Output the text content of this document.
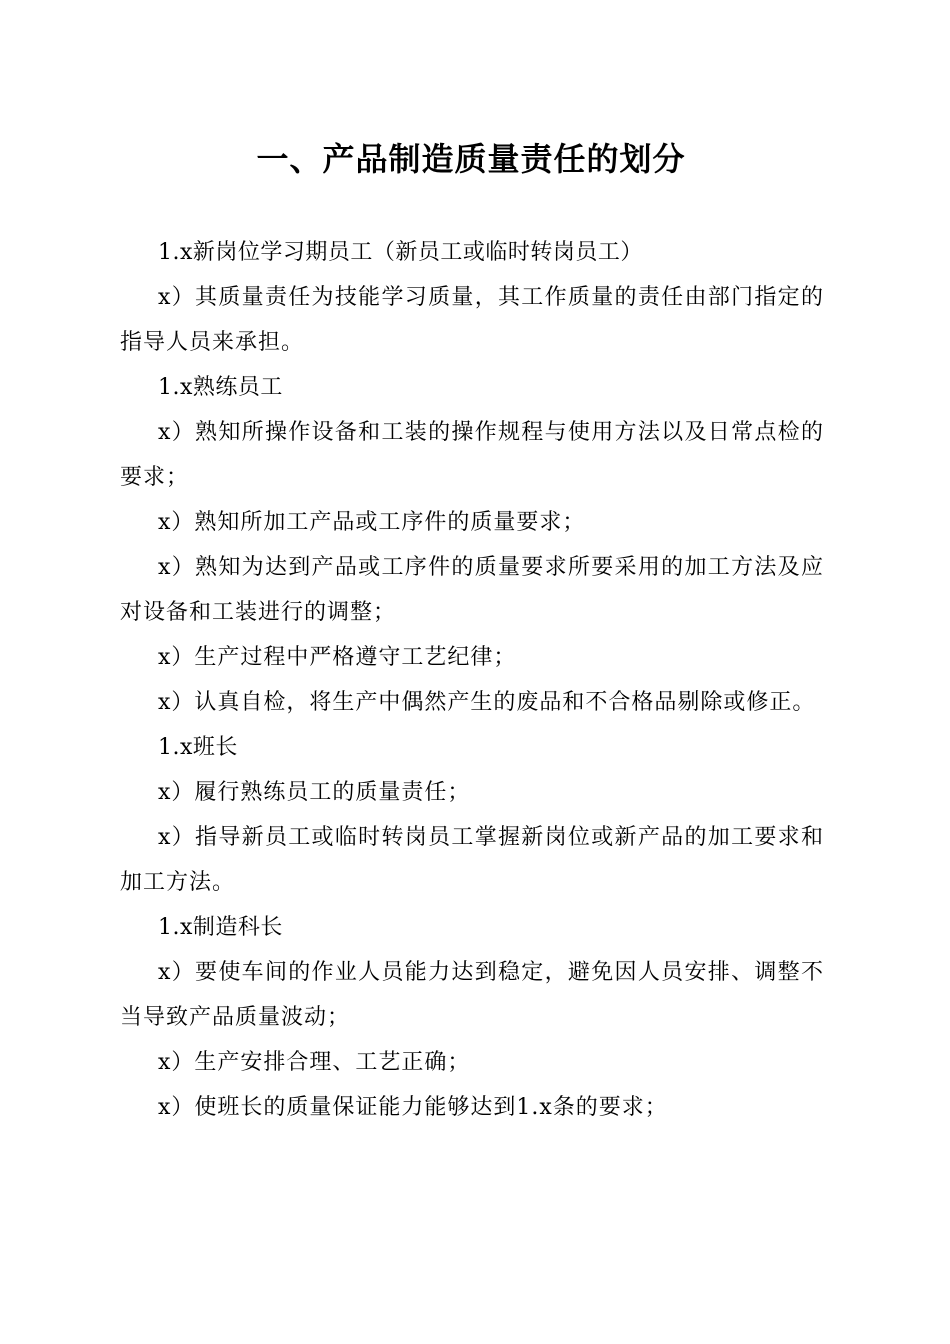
一、产品制造质量责任的划分

1.x新岗位学习期员工（新员工或临时转岗员工）

x）其质量责任为技能学习质量，其工作质量的责任由部门指定的指导人员来承担。

1.x熟练员工

x）熟知所操作设备和工装的操作规程与使用方法以及日常点检的要求；

x）熟知所加工产品或工序件的质量要求；

x）熟知为达到产品或工序件的质量要求所要采用的加工方法及应对设备和工装进行的调整；

x）生产过程中严格遵守工艺纪律；

x）认真自检，将生产中偶然产生的废品和不合格品剔除或修正。

1.x班长

x）履行熟练员工的质量责任；

x）指导新员工或临时转岗员工掌握新岗位或新产品的加工要求和加工方法。

1.x制造科长

x）要使车间的作业人员能力达到稳定，避免因人员安排、调整不当导致产品质量波动；

x）生产安排合理、工艺正确；

x）使班长的质量保证能力能够达到1.x条的要求；
